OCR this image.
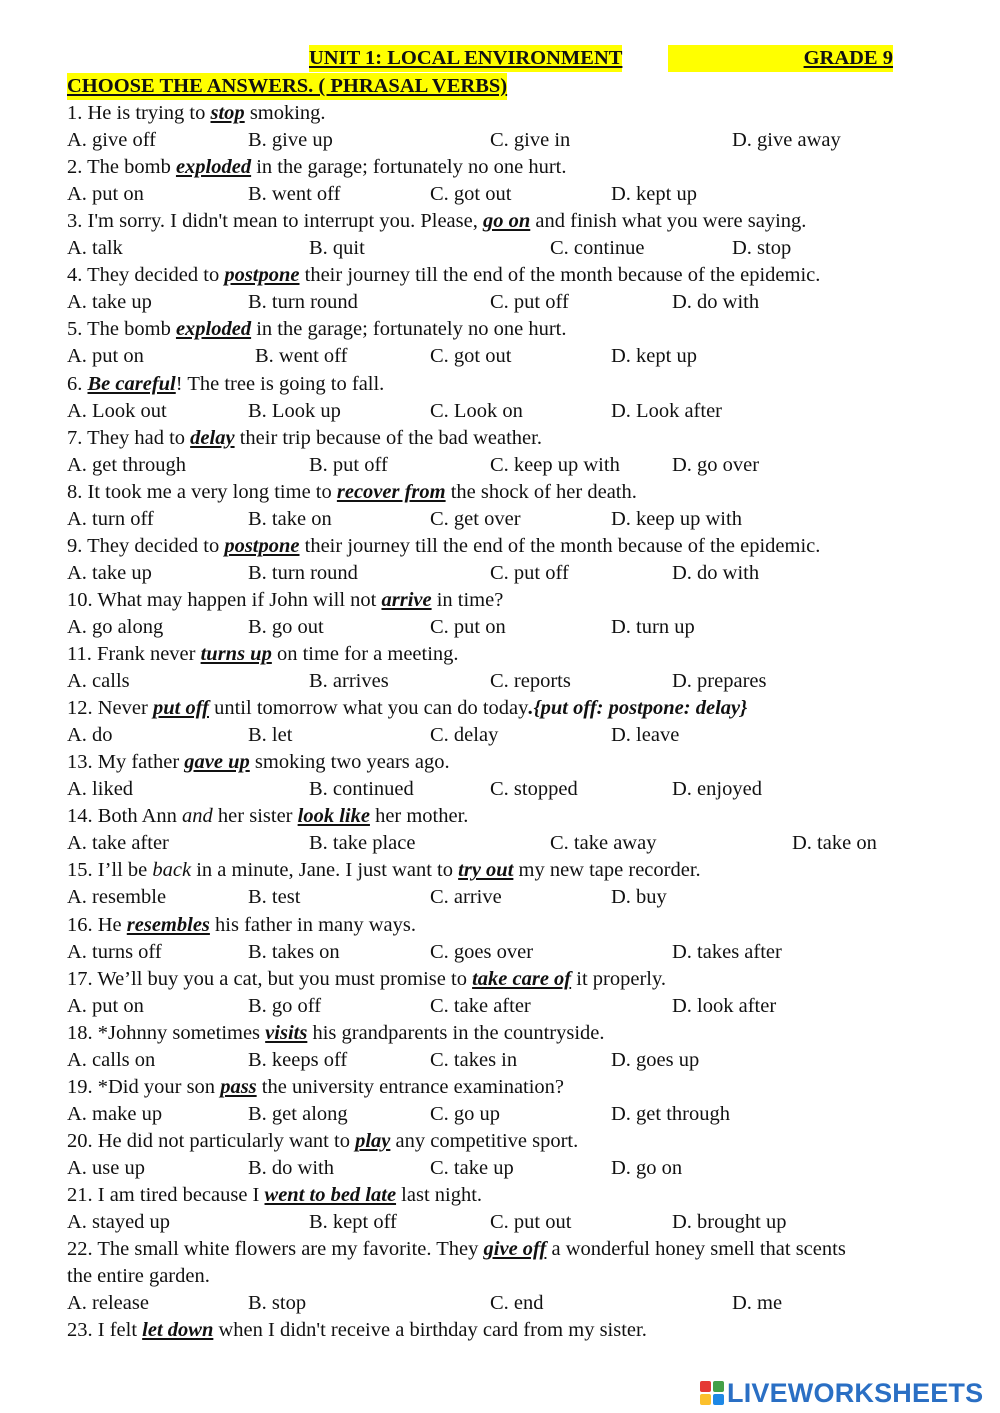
UNIT 1: LOCAL ENVIRONMENT	GRADE 9
CHOOSE THE ANSWERS. ( PHRASAL VERBS)
1. He is trying to stop smoking.
A. give off	B. give up	C. give in	D. give away
2. The bomb exploded in the garage; fortunately no one hurt.
A. put on	B. went off	C. got out	D. kept up
3. I'm sorry. I didn't mean to interrupt you. Please, go on and finish what you were saying.
A. talk	B. quit	C. continue	D. stop
4. They decided to postpone their journey till the end of the month because of the epidemic.
A. take up	B. turn round	C. put off	D. do with
5. The bomb exploded in the garage; fortunately no one hurt.
A. put on	B. went off	C. got out	D. kept up
6. Be careful! The tree is going to fall.
A. Look out	B. Look up	C. Look on	D. Look after
7. They had to delay their trip because of the bad weather.
A. get through	B. put off	C. keep up with	D. go over
8. It took me a very long time to recover from the shock of her death.
A. turn off	B. take on	C. get over	D. keep up with
9. They decided to postpone their journey till the end of the month because of the epidemic.
A. take up	B. turn round	C. put off	D. do with
10. What may happen if John will not arrive in time?
A. go along	B. go out	C. put on	D. turn up
11. Frank never turns up on time for a meeting.
A. calls	B. arrives	C. reports	D. prepares
12. Never put off until tomorrow what you can do today.{put off: postpone: delay}
A. do	B. let	C. delay	D. leave
13. My father gave up smoking two years ago.
A. liked	B. continued	C. stopped	D. enjoyed
14. Both Ann and her sister look like her mother.
A. take after	B. take place	C. take away	D. take on
15. I’ll be back in a minute, Jane. I just want to try out my new tape recorder.
A. resemble	B. test	C. arrive	D. buy
16. He resembles his father in many ways.
A. turns off	B. takes on	C. goes over	D. takes after
17. We’ll buy you a cat, but you must promise to take care of it properly.
A. put on	B. go off	C. take after	D. look after
18. *Johnny sometimes visits his grandparents in the countryside.
A. calls on	B. keeps off	C. takes in	D. goes up
19. *Did your son pass the university entrance examination?
A. make up	B. get along	C. go up	D. get through
20. He did not particularly want to play any competitive sport.
A. use up	B. do with	C. take up	D. go on
21. I am tired because I went to bed late last night.
A. stayed up	B. kept off	C. put out	D. brought up
22. The small white flowers are my favorite. They give off a wonderful honey smell that scents
the entire garden.
A. release	B. stop	C. end	D. me
23. I felt let down when I didn't receive a birthday card from my sister.
LIVEWORKSHEETS
